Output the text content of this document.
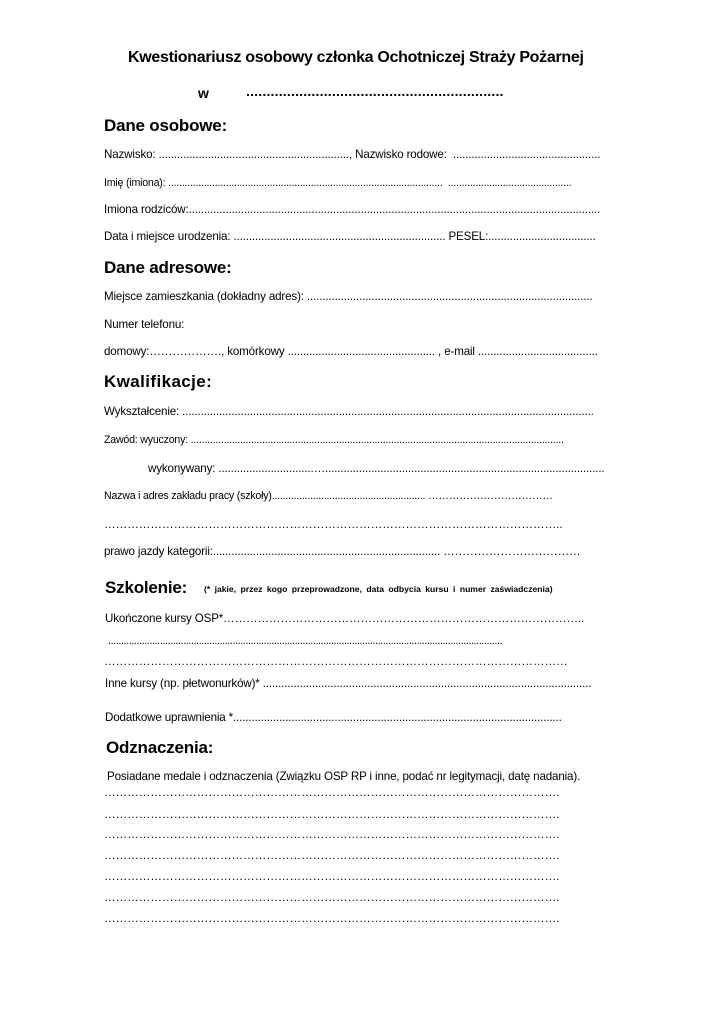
Kwestionariusz osobowy członka Ochotniczej Straży Pożarnej
w	...............................................................
Dane osobowe:
Nazwisko: .............................................................., Nazwisko rodowe:  ................................................
Imię (imiona): ....................................................................................................  .............................................
Imiona rodziców:......................................................................................................................................
Data i miejsce urodzenia: ..................................................................... PESEL:...................................
Dane adresowe:
Miejsce zamieszkania (dokładny adres): .............................................................................................
Numer telefonu:
domowy:………………., komórkowy ................................................ , e-mail .......................................
Kwalifikacje:
Wykształcenie: ......................................................................................................................................
Zawód: wyuczony: ........................................................................................................................................
wykonywany: ...............................…...........................................................................................
Nazwa i adres zakładu pracy (szkoły)........................................................ ………………………………
………………………………………………………………………………………………………..
prawo jazdy kategorii:.......................................................................... ………………………………
Szkolenie: (* jakie, przez kogo przeprowadzone, data odbycia kursu i numer zaświadczenia)
Ukończone kursy OSP*…………………………………………………………………………………..
........................................................................................................................................................
…………………………………………………………………………………………………………
Inne kursy (np. płetwonurków)* ...........................................................................................................
Dodatkowe uprawnienia *...........................................................................................................
Odznaczenia:
Posiadane medale i odznaczenia (Związku OSP RP i inne, podać nr legitymacji, datę nadania).
……………………………………………………………………………………………………….
……………………………………………………………………………………………………….
……………………………………………………………………………………………………….
……………………………………………………………………………………………………….
……………………………………………………………………………………………………….
……………………………………………………………………………………………………….
……………………………………………………………………………………………………….
